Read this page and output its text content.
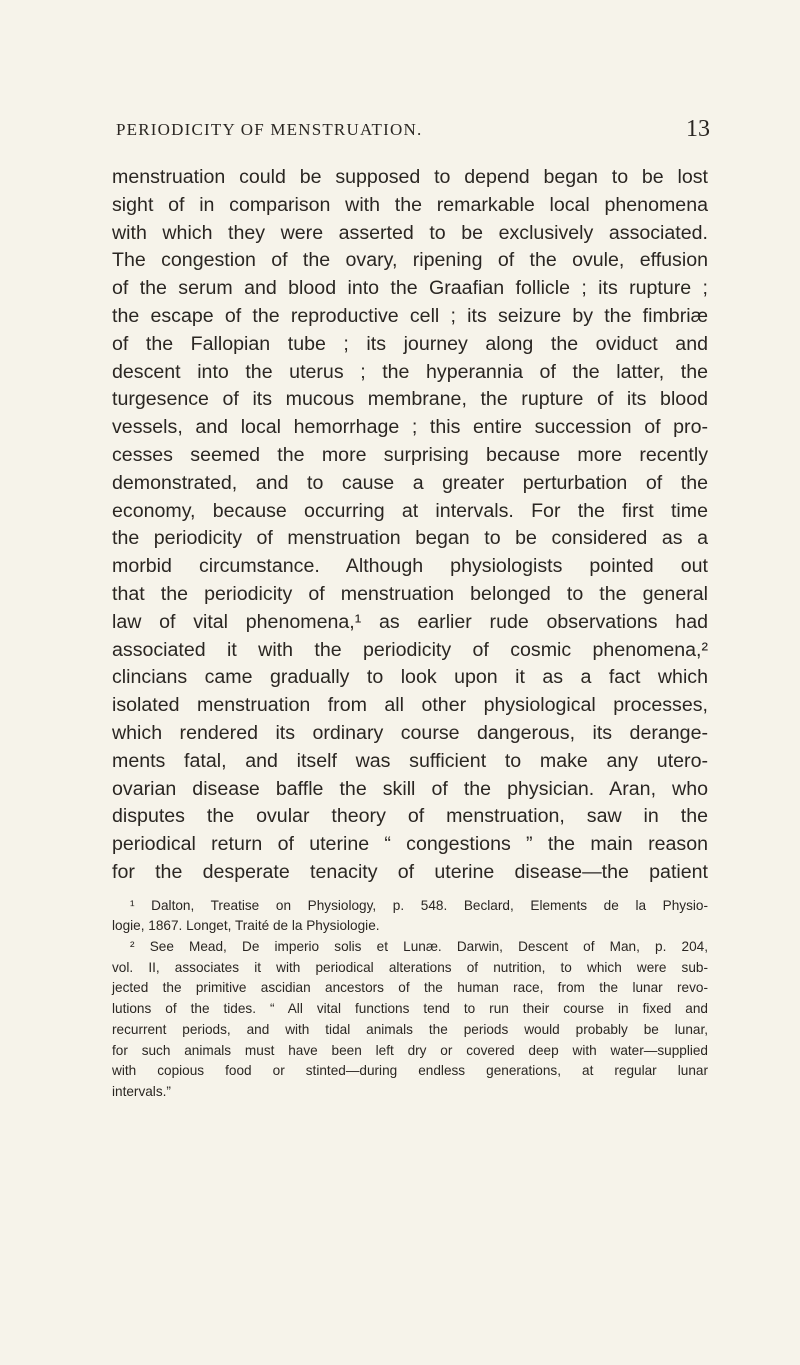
PERIODICITY OF MENSTRUATION.	13
menstruation could be supposed to depend began to be lost
sight of in comparison with the remarkable local phenomena
with which they were asserted to be exclusively associated.
The congestion of the ovary, ripening of the ovule, effusion
of the serum and blood into the Graafian follicle ; its rupture ;
the escape of the reproductive cell ; its seizure by the fimbriæ
of the Fallopian tube ; its journey along the oviduct and
descent into the uterus ; the hyperannia of the latter, the
turgesence of its mucous membrane, the rupture of its blood
vessels, and local hemorrhage ; this entire succession of pro-
cesses seemed the more surprising because more recently
demonstrated, and to cause a greater perturbation of the
economy, because occurring at intervals. For the first time
the periodicity of menstruation began to be considered as a
morbid circumstance. Although physiologists pointed out
that the periodicity of menstruation belonged to the general
law of vital phenomena,¹ as earlier rude observations had
associated it with the periodicity of cosmic phenomena,²
clincians came gradually to look upon it as a fact which
isolated menstruation from all other physiological processes,
which rendered its ordinary course dangerous, its derange-
ments fatal, and itself was sufficient to make any utero-
ovarian disease baffle the skill of the physician. Aran, who
disputes the ovular theory of menstruation, saw in the
periodical return of uterine “ congestions ” the main reason
for the desperate tenacity of uterine disease—the patient
¹ Dalton, Treatise on Physiology, p. 548. Beclard, Elements de la Physio-
logie, 1867. Longet, Traité de la Physiologie.
² See Mead, De imperio solis et Lunæ. Darwin, Descent of Man, p. 204,
vol. II, associates it with periodical alterations of nutrition, to which were sub-
jected the primitive ascidian ancestors of the human race, from the lunar revo-
lutions of the tides. “ All vital functions tend to run their course in fixed and
recurrent periods, and with tidal animals the periods would probably be lunar,
for such animals must have been left dry or covered deep with water—supplied
with copious food or stinted—during endless generations, at regular lunar
intervals.”
